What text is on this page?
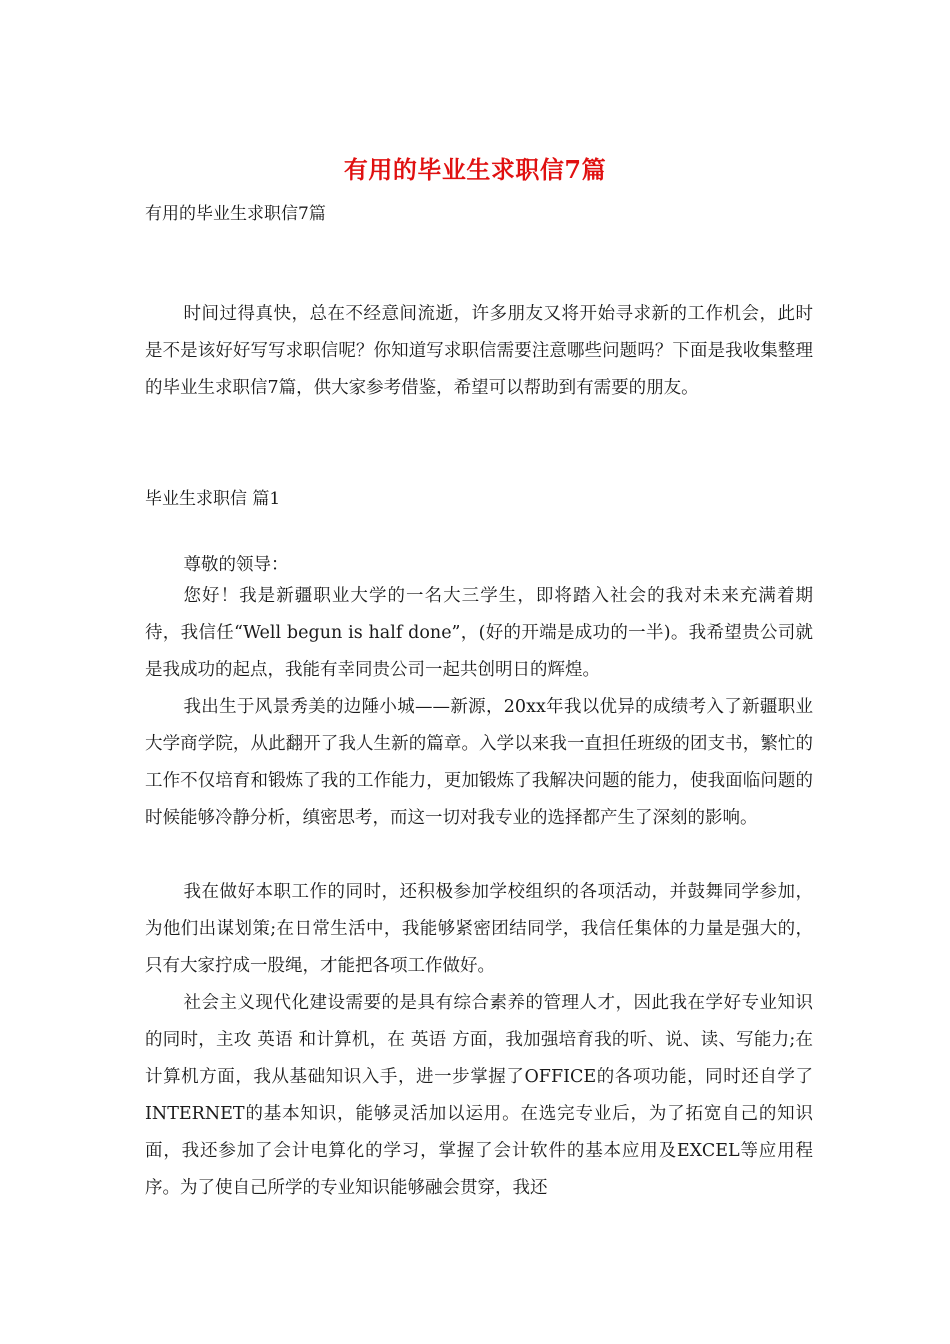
有用的毕业生求职信7篇

有用的毕业生求职信7篇

时间过得真快，总在不经意间流逝，许多朋友又将开始寻求新的工作机会，此时是不是该好好写写求职信呢？你知道写求职信需要注意哪些问题吗？下面是我收集整理的毕业生求职信7篇，供大家参考借鉴，希望可以帮助到有需要的朋友。

毕业生求职信 篇1

尊敬的领导：

您好！我是新疆职业大学的一名大三学生，即将踏入社会的我对未来充满着期待，我信任“Well begun is half done”，(好的开端是成功的一半)。我希望贵公司就是我成功的起点，我能有幸同贵公司一起共创明日的辉煌。

我出生于风景秀美的边陲小城——新源，20xx年我以优异的成绩考入了新疆职业大学商学院，从此翻开了我人生新的篇章。入学以来我一直担任班级的团支书，繁忙的工作不仅培育和锻炼了我的工作能力，更加锻炼了我解决问题的能力，使我面临问题的时候能够冷静分析，缜密思考，而这一切对我专业的选择都产生了深刻的影响。

我在做好本职工作的同时，还积极参加学校组织的各项活动，并鼓舞同学参加，为他们出谋划策;在日常生活中，我能够紧密团结同学，我信任集体的力量是强大的，只有大家拧成一股绳，才能把各项工作做好。

社会主义现代化建设需要的是具有综合素养的管理人才，因此我在学好专业知识的同时，主攻 英语 和计算机，在 英语 方面，我加强培育我的听、说、读、写能力;在计算机方面，我从基础知识入手，进一步掌握了OFFICE的各项功能，同时还自学了INTERNET的基本知识，能够灵活加以运用。在选完专业后，为了拓宽自己的知识面，我还参加了会计电算化的学习，掌握了会计软件的基本应用及EXCEL等应用程序。为了使自己所学的专业知识能够融会贯穿，我还
